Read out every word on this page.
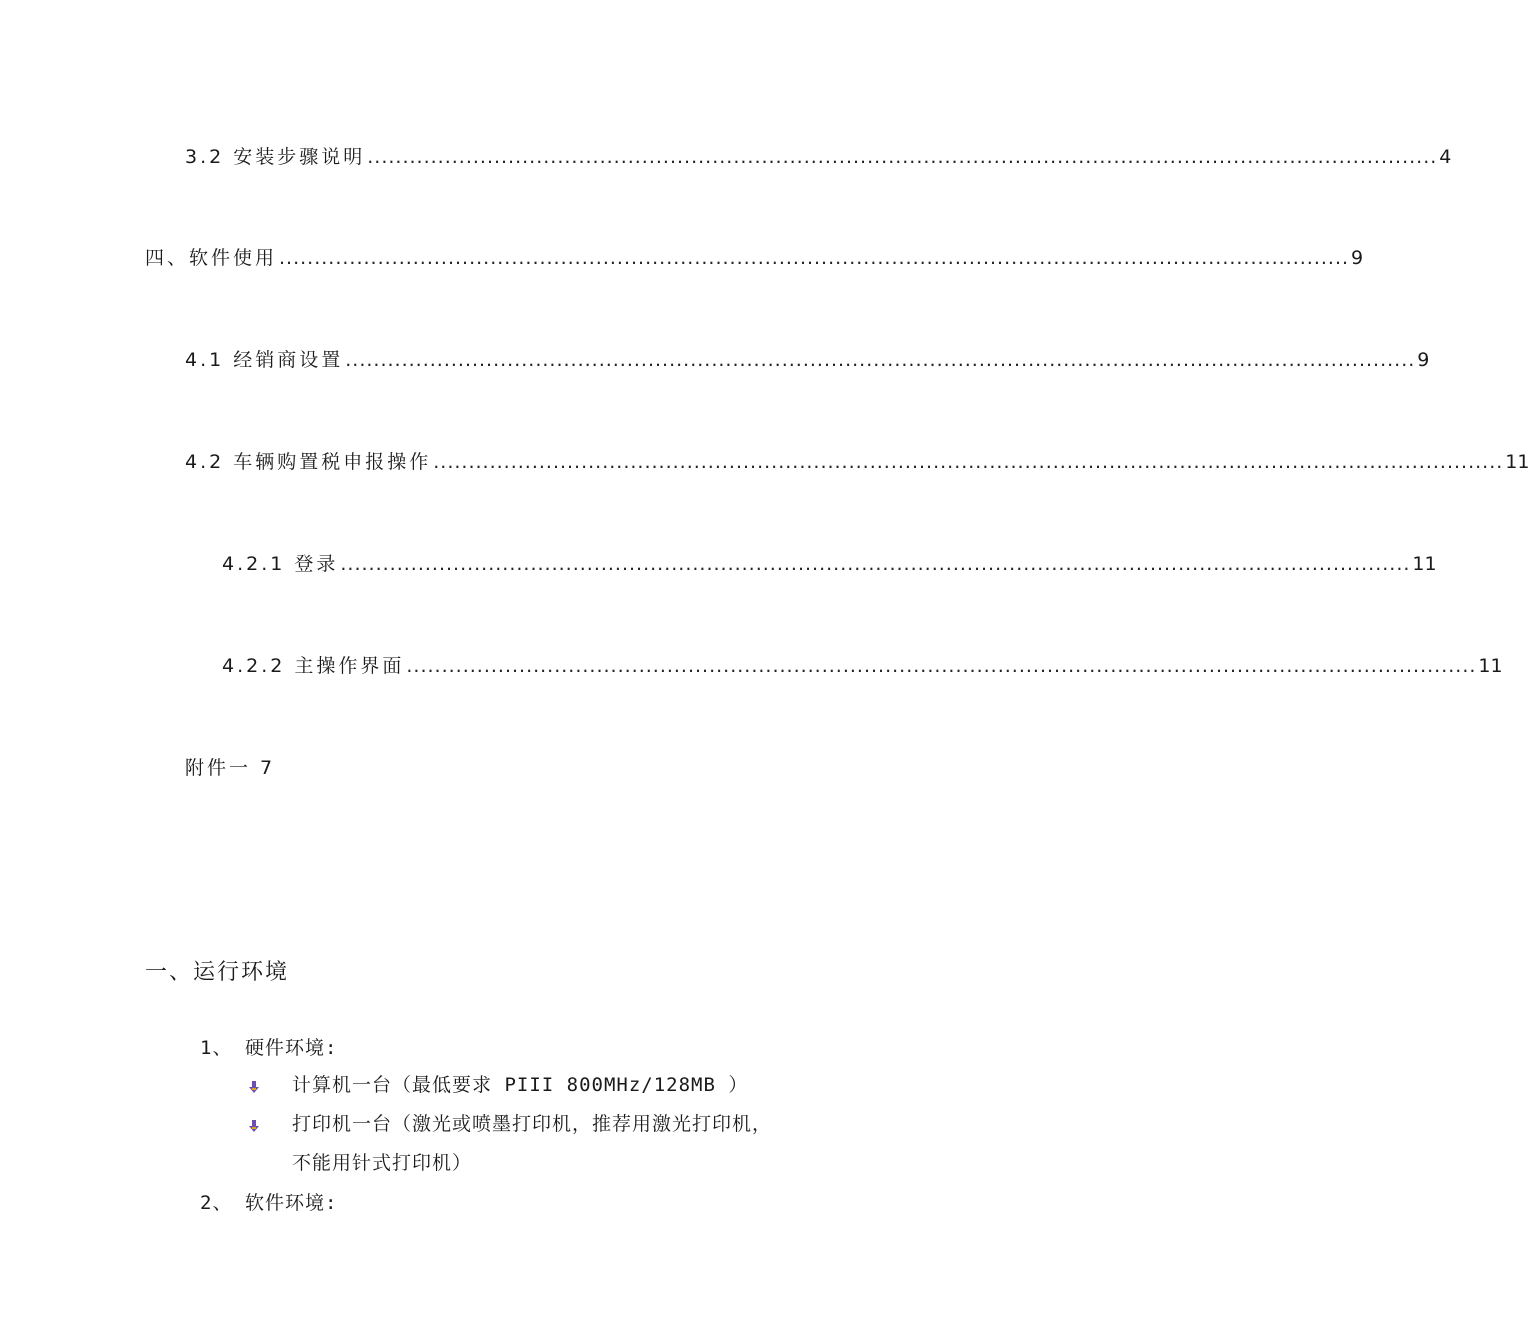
3.2 安装步骤说明 ........................................................................................................................................................ 4
四、软件使用 ........................................................................................................................................................ 9
4.1 经销商设置 ........................................................................................................................................................ 9
4.2 车辆购置税申报操作 ........................................................................................................................................................ 11
4.2.1 登录 ........................................................................................................................................................ 11
4.2.2 主操作界面 ........................................................................................................................................................ 11
附件一 7
一、运行环境
1、 硬件环境:
计算机一台（最低要求 PIII 800MHz/128MB ）
打印机一台（激光或喷墨打印机，推荐用激光打印机，
不能用针式打印机）
2、 软件环境:
